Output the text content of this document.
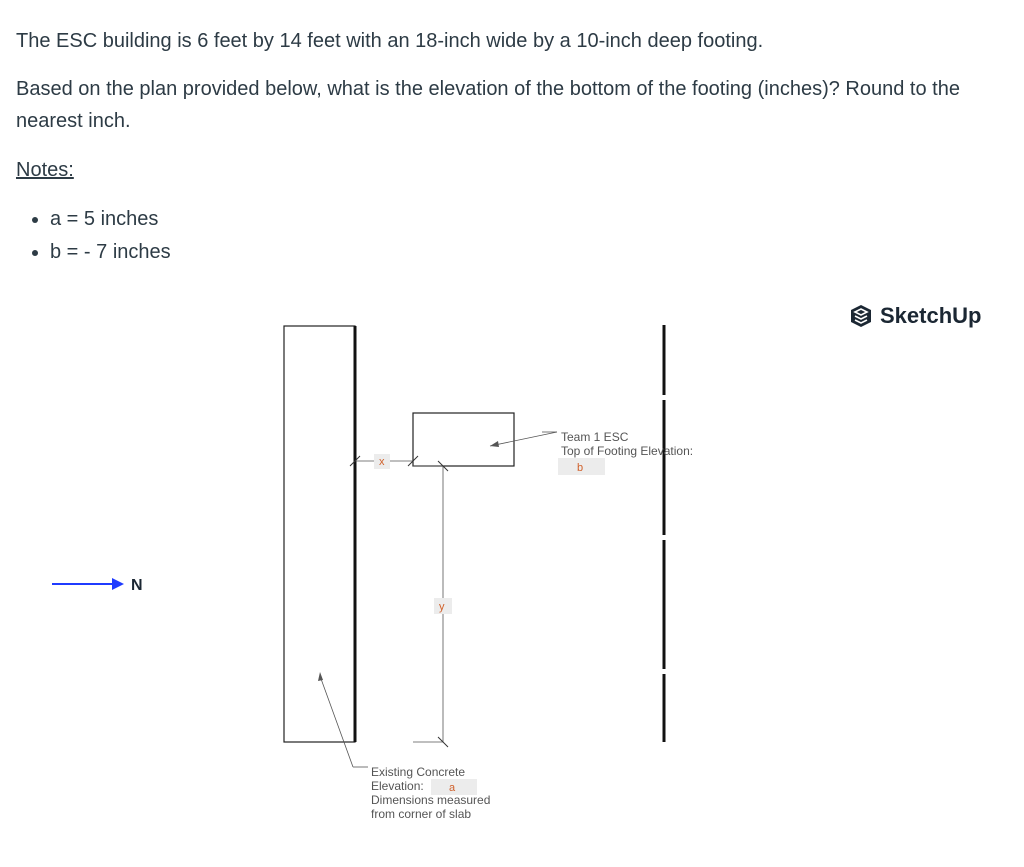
The ESC building is 6 feet by 14 feet with an 18-inch wide by a 10-inch deep footing.

Based on the plan provided below, what is the elevation of the bottom of the footing (inches)? Round to the nearest inch.

Notes:

• a = 5 inches
• b = - 7 inches
SketchUp
N
x
y
Team 1 ESC
Top of Footing Elevation:
b
Existing Concrete
Elevation: a
Dimensions measured
from corner of slab
